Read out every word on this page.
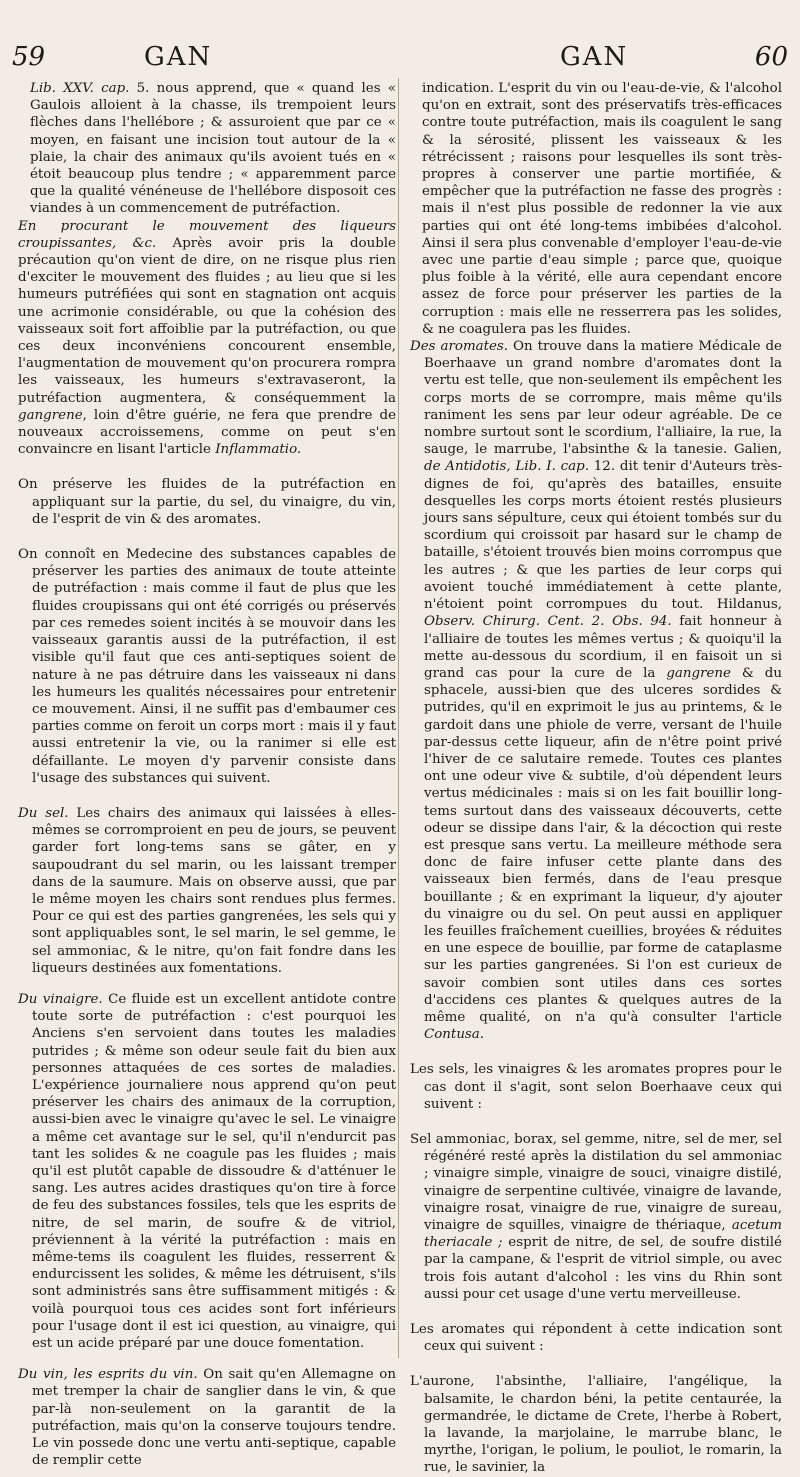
59	GAN	GAN	60

Lib. XXV. cap. 5. nous apprend, que « quand les « Gaulois alloient à la chasse, ils trempoient leurs flèches dans l'hellébore ; & assuroient que par ce « moyen, en faisant une incision tout autour de la « plaie, la chair des animaux qu'ils avoient tués en « étoit beaucoup plus tendre ; « apparemment parce que la qualité vénéneuse de l'hellébore disposoit ces viandes à un commencement de putréfaction.

En procurant le mouvement des liqueurs croupissantes, &c. Après avoir pris la double précaution qu'on vient de dire, on ne risque plus rien d'exciter le mouvement des fluides ; au lieu que si les humeurs putréfiées qui sont en stagnation ont acquis une acrimonie considérable, ou que la cohésion des vaisseaux soit fort affoiblie par la putréfaction, ou que ces deux inconvéniens concourent ensemble, l'augmentation de mouvement qu'on procurera rompra les vaisseaux, les humeurs s'extravaseront, la putréfaction augmentera, & conséquemment la gangrene, loin d'être guérie, ne fera que prendre de nouveaux accroissemens, comme on peut s'en convaincre en lisant l'article Inflammatio.

On préserve les fluides de la putréfaction en appliquant sur la partie, du sel, du vinaigre, du vin, de l'esprit de vin & des aromates.

On connoît en Medecine des substances capables de préserver les parties des animaux de toute atteinte de putréfaction : mais comme il faut de plus que les fluides croupissans qui ont été corrigés ou préservés par ces remedes soient incités à se mouvoir dans les vaisseaux garantis aussi de la putréfaction, il est visible qu'il faut que ces anti-septiques soient de nature à ne pas détruire dans les vaisseaux ni dans les humeurs les qualités nécessaires pour entretenir ce mouvement. Ainsi, il ne suffit pas d'embaumer ces parties comme on feroit un corps mort : mais il y faut aussi entretenir la vie, ou la ranimer si elle est défaillante. Le moyen d'y parvenir consiste dans l'usage des substances qui suivent.

Du sel. Les chairs des animaux qui laissées à elles-mêmes se corromproient en peu de jours, se peuvent garder fort long-tems sans se gâter, en y saupoudrant du sel marin, ou les laissant tremper dans de la saumure. Mais on observe aussi, que par le même moyen les chairs sont rendues plus fermes. Pour ce qui est des parties gangrenées, les sels qui y sont appliquables sont, le sel marin, le sel gemme, le sel ammoniac, & le nitre, qu'on fait fondre dans les liqueurs destinées aux fomentations.

Du vinaigre. Ce fluide est un excellent antidote contre toute sorte de putréfaction : c'est pourquoi les Anciens s'en servoient dans toutes les maladies putrides ; & même son odeur seule fait du bien aux personnes attaquées de ces sortes de maladies. L'expérience journaliere nous apprend qu'on peut préserver les chairs des animaux de la corruption, aussi-bien avec le vinaigre qu'avec le sel. Le vinaigre a même cet avantage sur le sel, qu'il n'endurcit pas tant les solides & ne coagule pas les fluides ; mais qu'il est plutôt capable de dissoudre & d'atténuer le sang. Les autres acides drastiques qu'on tire à force de feu des substances fossiles, tels que les esprits de nitre, de sel marin, de soufre & de vitriol, préviennent à la vérité la putréfaction : mais en même-tems ils coagulent les fluides, resserrent & endurcissent les solides, & même les détruisent, s'ils sont administrés sans être suffisamment mitigés : & voilà pourquoi tous ces acides sont fort inférieurs pour l'usage dont il est ici question, au vinaigre, qui est un acide préparé par une douce fomentation.

Du vin, les esprits du vin. On sait qu'en Allemagne on met tremper la chair de sanglier dans le vin, & que par-là non-seulement on la garantit de la putréfaction, mais qu'on la conserve toujours tendre. Le vin possede donc une vertu anti-septique, capable de remplir cette

indication. L'esprit du vin ou l'eau-de-vie, & l'alcohol qu'on en extrait, sont des préservatifs très-efficaces contre toute putréfaction, mais ils coagulent le sang & la sérosité, plissent les vaisseaux & les rétrécissent ; raisons pour lesquelles ils sont très-propres à conserver une partie mortifiée, & empêcher que la putréfaction ne fasse des progrès : mais il n'est plus possible de redonner la vie aux parties qui ont été long-tems imbibées d'alcohol. Ainsi il sera plus convenable d'employer l'eau-de-vie avec une partie d'eau simple ; parce que, quoique plus foible à la vérité, elle aura cependant encore assez de force pour préserver les parties de la corruption : mais elle ne resserrera pas les solides, & ne coagulera pas les fluides.

Des aromates. On trouve dans la matiere Médicale de Boerhaave un grand nombre d'aromates dont la vertu est telle, que non-seulement ils empêchent les corps morts de se corrompre, mais même qu'ils raniment les sens par leur odeur agréable. De ce nombre surtout sont le scordium, l'alliaire, la rue, la sauge, le marrube, l'absinthe & la tanesie. Galien, de Antidotis, Lib. I. cap. 12. dit tenir d'Auteurs très-dignes de foi, qu'après des batailles, ensuite desquelles les corps morts étoient restés plusieurs jours sans sépulture, ceux qui étoient tombés sur du scordium qui croissoit par hasard sur le champ de bataille, s'étoient trouvés bien moins corrompus que les autres ; & que les parties de leur corps qui avoient touché immédiatement à cette plante, n'étoient point corrompues du tout. Hildanus, Observ. Chirurg. Cent. 2. Obs. 94. fait honneur à l'alliaire de toutes les mêmes vertus ; & quoiqu'il la mette au-dessous du scordium, il en faisoit un si grand cas pour la cure de la gangrene & du sphacele, aussi-bien que des ulceres sordides & putrides, qu'il en exprimoit le jus au printems, & le gardoit dans une phiole de verre, versant de l'huile par-dessus cette liqueur, afin de n'être point privé l'hiver de ce salutaire remede. Toutes ces plantes ont une odeur vive & subtile, d'où dépendent leurs vertus médicinales : mais si on les fait bouillir long-tems surtout dans des vaisseaux découverts, cette odeur se dissipe dans l'air, & la décoction qui reste est presque sans vertu. La meilleure méthode sera donc de faire infuser cette plante dans des vaisseaux bien fermés, dans de l'eau presque bouillante ; & en exprimant la liqueur, d'y ajouter du vinaigre ou du sel. On peut aussi en appliquer les feuilles fraîchement cueillies, broyées & réduites en une espece de bouillie, par forme de cataplasme sur les parties gangrenées. Si l'on est curieux de savoir combien sont utiles dans ces sortes d'accidens ces plantes & quelques autres de la même qualité, on n'a qu'à consulter l'article Contusa.

Les sels, les vinaigres & les aromates propres pour le cas dont il s'agit, sont selon Boerhaave ceux qui suivent :

Sel ammoniac, borax, sel gemme, nitre, sel de mer, sel régénéré resté après la distilation du sel ammoniac ; vinaigre simple, vinaigre de souci, vinaigre distilé, vinaigre de serpentine cultivée, vinaigre de lavande, vinaigre rosat, vinaigre de rue, vinaigre de sureau, vinaigre de squilles, vinaigre de thériaque, acetum theriacale ; esprit de nitre, de sel, de soufre distilé par la campane, & l'esprit de vitriol simple, ou avec trois fois autant d'alcohol : les vins du Rhin sont aussi pour cet usage d'une vertu merveilleuse.

Les aromates qui répondent à cette indication sont ceux qui suivent :

L'aurone, l'absinthe, l'alliaire, l'angélique, la balsamite, le chardon béni, la petite centaurée, la germandrée, le dictame de Crete, l'herbe à Robert, la lavande, la marjolaine, le marrube blanc, le myrthe, l'origan, le polium, le pouliot, le romarin, la rue, le savinier, la
